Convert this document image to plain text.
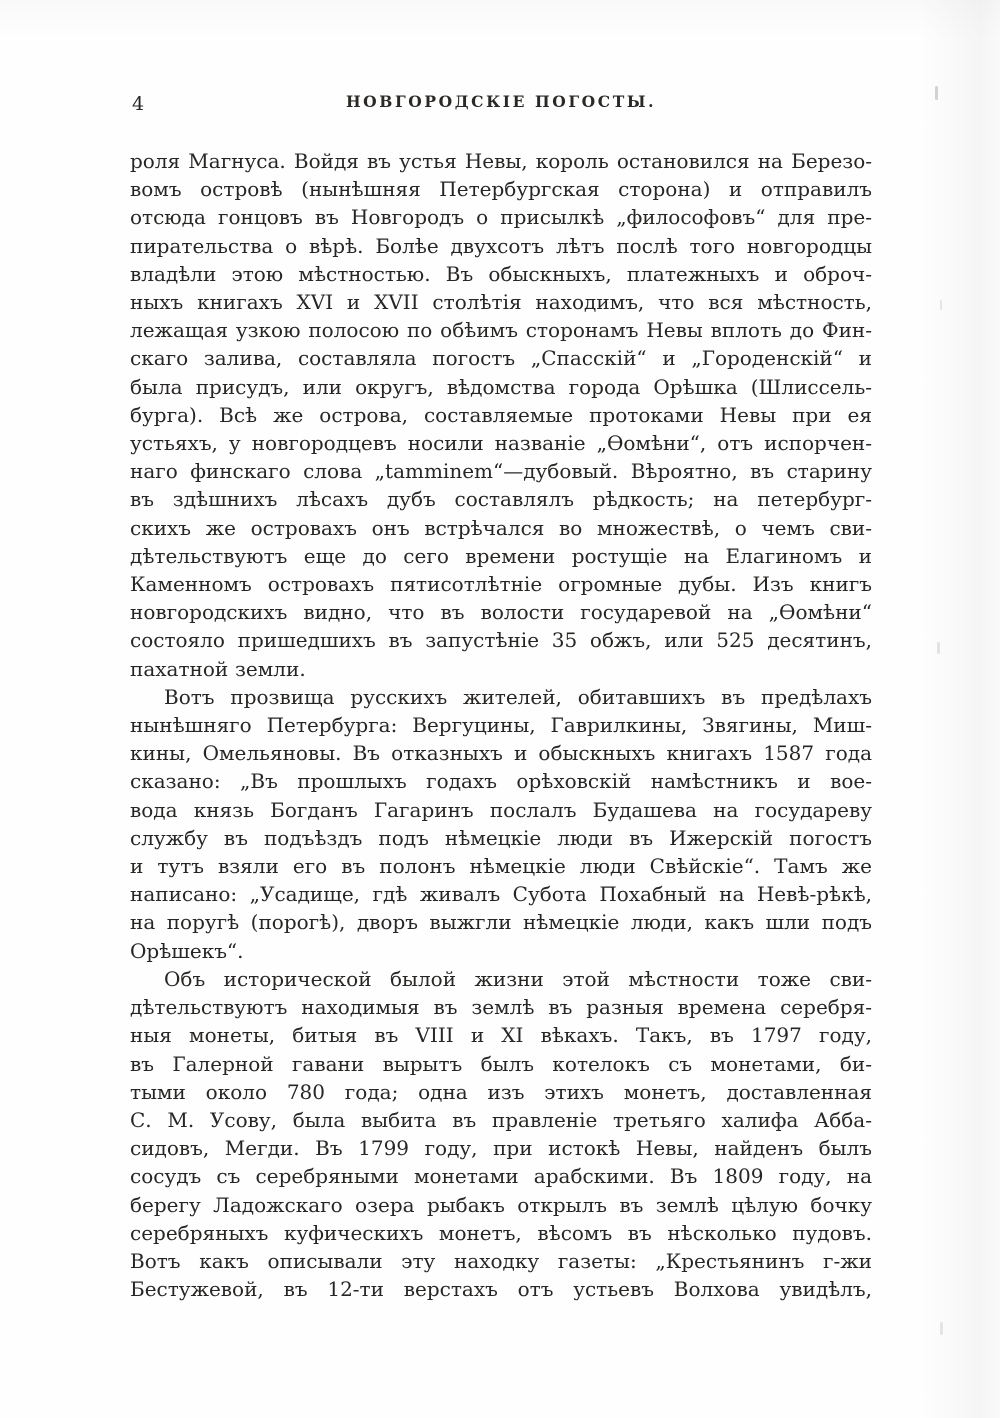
4	НОВГОРОДСКІЕ ПОГОСТЫ.
роля Магнуса. Войдя въ устья Невы, король остановился на Березо-
вомъ островѣ (нынѣшняя Петербургская сторона) и отправилъ
отсюда гонцовъ въ Новгородъ о присылкѣ „философовъ“ для пре-
пирательства о вѣрѣ. Болѣе двухсотъ лѣтъ послѣ того новгородцы
владѣли этою мѣстностью. Въ обыскныхъ, платежныхъ и оброч-
ныхъ книгахъ XVI и XVII столѣтія находимъ, что вся мѣстность,
лежащая узкою полосою по обѣимъ сторонамъ Невы вплоть до Фин-
скаго залива, составляла погостъ „Спасскій“ и „Городенскій“ и
была присудъ, или округъ, вѣдомства города Орѣшка (Шлиссель-
бурга). Всѣ же острова, составляемые протоками Невы при ея
устьяхъ, у новгородцевъ носили названіе „Ѳомѣни“, отъ испорчен-
наго финскаго слова „tamminem“—дубовый. Вѣроятно, въ старину
въ здѣшнихъ лѣсахъ дубъ составлялъ рѣдкость; на петербург-
скихъ же островахъ онъ встрѣчался во множествѣ, о чемъ сви-
дѣтельствуютъ еще до сего времени ростущіе на Елагиномъ и
Каменномъ островахъ пятисотлѣтніе огромные дубы. Изъ книгъ
новгородскихъ видно, что въ волости государевой на „Ѳомѣни“
состояло пришедшихъ въ запустѣніе 35 обжъ, или 525 десятинъ,
пахатной земли.
Вотъ прозвища русскихъ жителей, обитавшихъ въ предѣлахъ
нынѣшняго Петербурга: Вергуцины, Гаврилкины, Звягины, Миш-
кины, Омельяновы. Въ отказныхъ и обыскныхъ книгахъ 1587 года
сказано: „Въ прошлыхъ годахъ орѣховскій намѣстникъ и вое-
вода князь Богданъ Гагаринъ послалъ Будашева на государеву
службу въ подъѣздъ подъ нѣмецкіе люди въ Ижерскій погостъ
и тутъ взяли его въ полонъ нѣмецкіе люди Свѣйскіе“. Тамъ же
написано: „Усадище, гдѣ живалъ Субота Похабный на Невѣ-рѣкѣ,
на поругѣ (порогѣ), дворъ выжгли нѣмецкіе люди, какъ шли подъ
Орѣшекъ“.
Объ исторической былой жизни этой мѣстности тоже сви-
дѣтельствуютъ находимыя въ землѣ въ разныя времена серебря-
ныя монеты, битыя въ VIII и XI вѣкахъ. Такъ, въ 1797 году,
въ Галерной гавани вырытъ былъ котелокъ съ монетами, би-
тыми около 780 года; одна изъ этихъ монетъ, доставленная
С. М. Усову, была выбита въ правленіе третьяго халифа Абба-
сидовъ, Мегди. Въ 1799 году, при истокѣ Невы, найденъ былъ
сосудъ съ серебряными монетами арабскими. Въ 1809 году, на
берегу Ладожскаго озера рыбакъ открылъ въ землѣ цѣлую бочку
серебряныхъ куфическихъ монетъ, вѣсомъ въ нѣсколько пудовъ.
Вотъ какъ описывали эту находку газеты: „Крестьянинъ г-жи
Бестужевой, въ 12-ти верстахъ отъ устьевъ Волхова увидѣлъ,
